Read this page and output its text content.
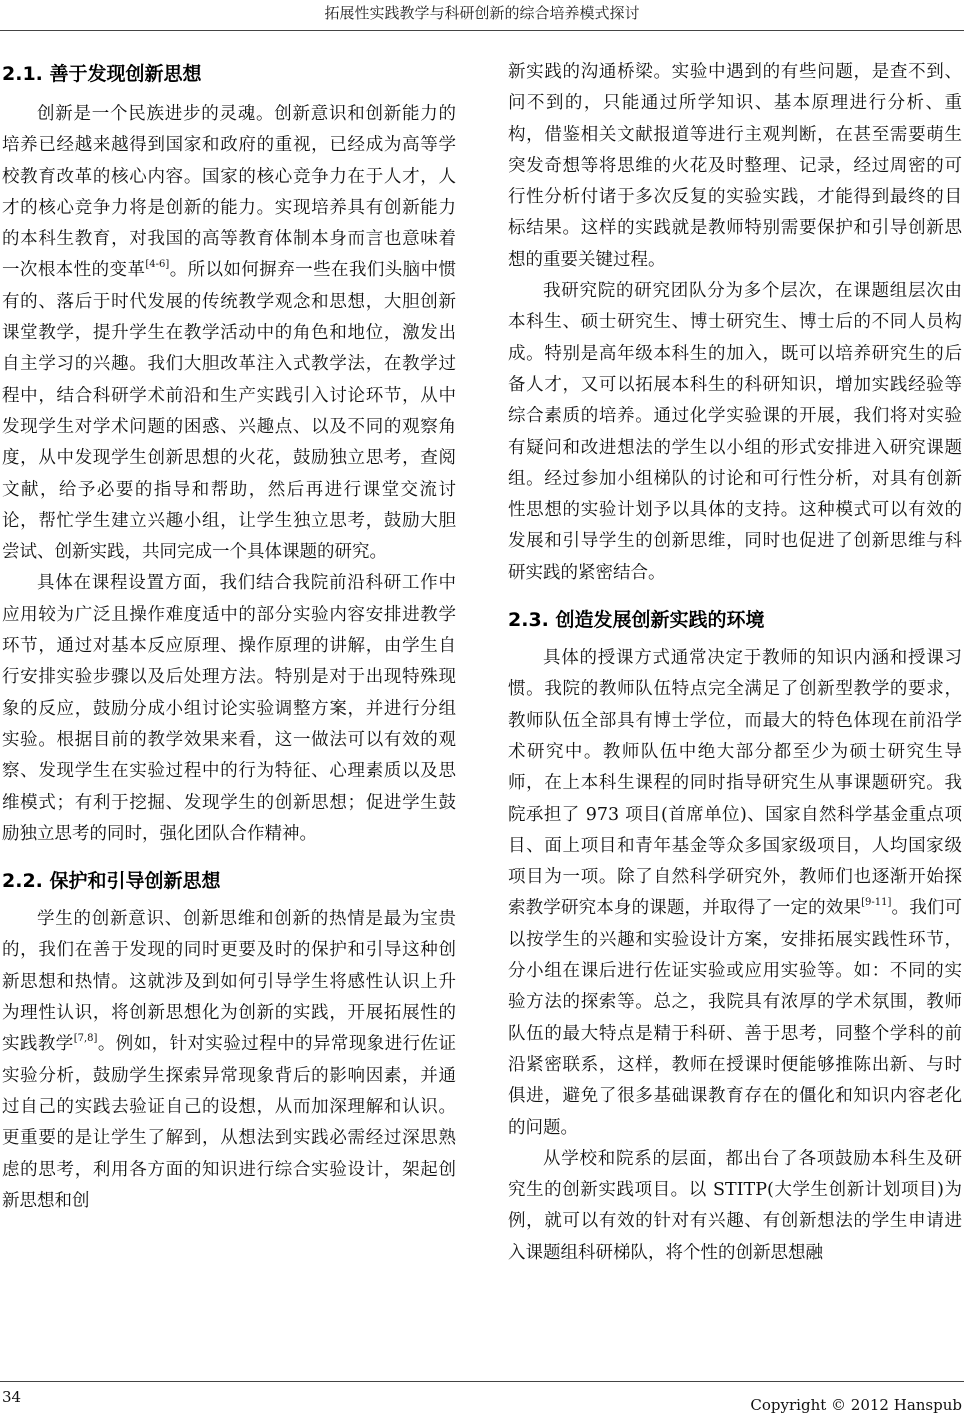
拓展性实践教学与科研创新的综合培养模式探讨
2.1. 善于发现创新思想

创新是一个民族进步的灵魂。创新意识和创新能力的培养已经越来越得到国家和政府的重视，已经成为高等学校教育改革的核心内容。国家的核心竞争力在于人才，人才的核心竞争力将是创新的能力。实现培养具有创新能力的本科生教育，对我国的高等教育体制本身而言也意味着一次根本性的变革[4-6]。所以如何摒弃一些在我们头脑中惯有的、落后于时代发展的传统教学观念和思想，大胆创新课堂教学，提升学生在教学活动中的角色和地位，激发出自主学习的兴趣。我们大胆改革注入式教学法，在教学过程中，结合科研学术前沿和生产实践引入讨论环节，从中发现学生对学术问题的困惑、兴趣点、以及不同的观察角度，从中发现学生创新思想的火花，鼓励独立思考，查阅文献，给予必要的指导和帮助，然后再进行课堂交流讨论，帮忙学生建立兴趣小组，让学生独立思考，鼓励大胆尝试、创新实践，共同完成一个具体课题的研究。

具体在课程设置方面，我们结合我院前沿科研工作中应用较为广泛且操作难度适中的部分实验内容安排进教学环节，通过对基本反应原理、操作原理的讲解，由学生自行安排实验步骤以及后处理方法。特别是对于出现特殊现象的反应，鼓励分成小组讨论实验调整方案，并进行分组实验。根据目前的教学效果来看，这一做法可以有效的观察、发现学生在实验过程中的行为特征、心理素质以及思维模式；有利于挖掘、发现学生的创新思想；促进学生鼓励独立思考的同时，强化团队合作精神。

2.2. 保护和引导创新思想

学生的创新意识、创新思维和创新的热情是最为宝贵的，我们在善于发现的同时更要及时的保护和引导这种创新思想和热情。这就涉及到如何引导学生将感性认识上升为理性认识，将创新思想化为创新的实践，开展拓展性的实践教学[7,8]。例如，针对实验过程中的异常现象进行佐证实验分析，鼓励学生探索异常现象背后的影响因素，并通过自己的实践去验证自己的设想，从而加深理解和认识。更重要的是让学生了解到，从想法到实践必需经过深思熟虑的思考，利用各方面的知识进行综合实验设计，架起创新思想和创

新实践的沟通桥梁。实验中遇到的有些问题，是查不到、问不到的，只能通过所学知识、基本原理进行分析、重构，借鉴相关文献报道等进行主观判断，在甚至需要萌生突发奇想等将思维的火花及时整理、记录，经过周密的可行性分析付诸于多次反复的实验实践，才能得到最终的目标结果。这样的实践就是教师特别需要保护和引导创新思想的重要关键过程。

我研究院的研究团队分为多个层次，在课题组层次由本科生、硕士研究生、博士研究生、博士后的不同人员构成。特别是高年级本科生的加入，既可以培养研究生的后备人才，又可以拓展本科生的科研知识，增加实践经验等综合素质的培养。通过化学实验课的开展，我们将对实验有疑问和改进想法的学生以小组的形式安排进入研究课题组。经过参加小组梯队的讨论和可行性分析，对具有创新性思想的实验计划予以具体的支持。这种模式可以有效的发展和引导学生的创新思维，同时也促进了创新思维与科研实践的紧密结合。

2.3. 创造发展创新实践的环境

具体的授课方式通常决定于教师的知识内涵和授课习惯。我院的教师队伍特点完全满足了创新型教学的要求，教师队伍全部具有博士学位，而最大的特色体现在前沿学术研究中。教师队伍中绝大部分都至少为硕士研究生导师，在上本科生课程的同时指导研究生从事课题研究。我院承担了 973 项目(首席单位)、国家自然科学基金重点项目、面上项目和青年基金等众多国家级项目，人均国家级项目为一项。除了自然科学研究外，教师们也逐渐开始探索教学研究本身的课题，并取得了一定的效果[9-11]。我们可以按学生的兴趣和实验设计方案，安排拓展实践性环节，分小组在课后进行佐证实验或应用实验等。如：不同的实验方法的探索等。总之，我院具有浓厚的学术氛围，教师队伍的最大特点是精于科研、善于思考，同整个学科的前沿紧密联系，这样，教师在授课时便能够推陈出新、与时俱进，避免了很多基础课教育存在的僵化和知识内容老化的问题。

从学校和院系的层面，都出台了各项鼓励本科生及研究生的创新实践项目。以 STITP(大学生创新计划项目)为例，就可以有效的针对有兴趣、有创新想法的学生申请进入课题组科研梯队，将个性的创新思想融

34	Copyright © 2012 Hanspub
